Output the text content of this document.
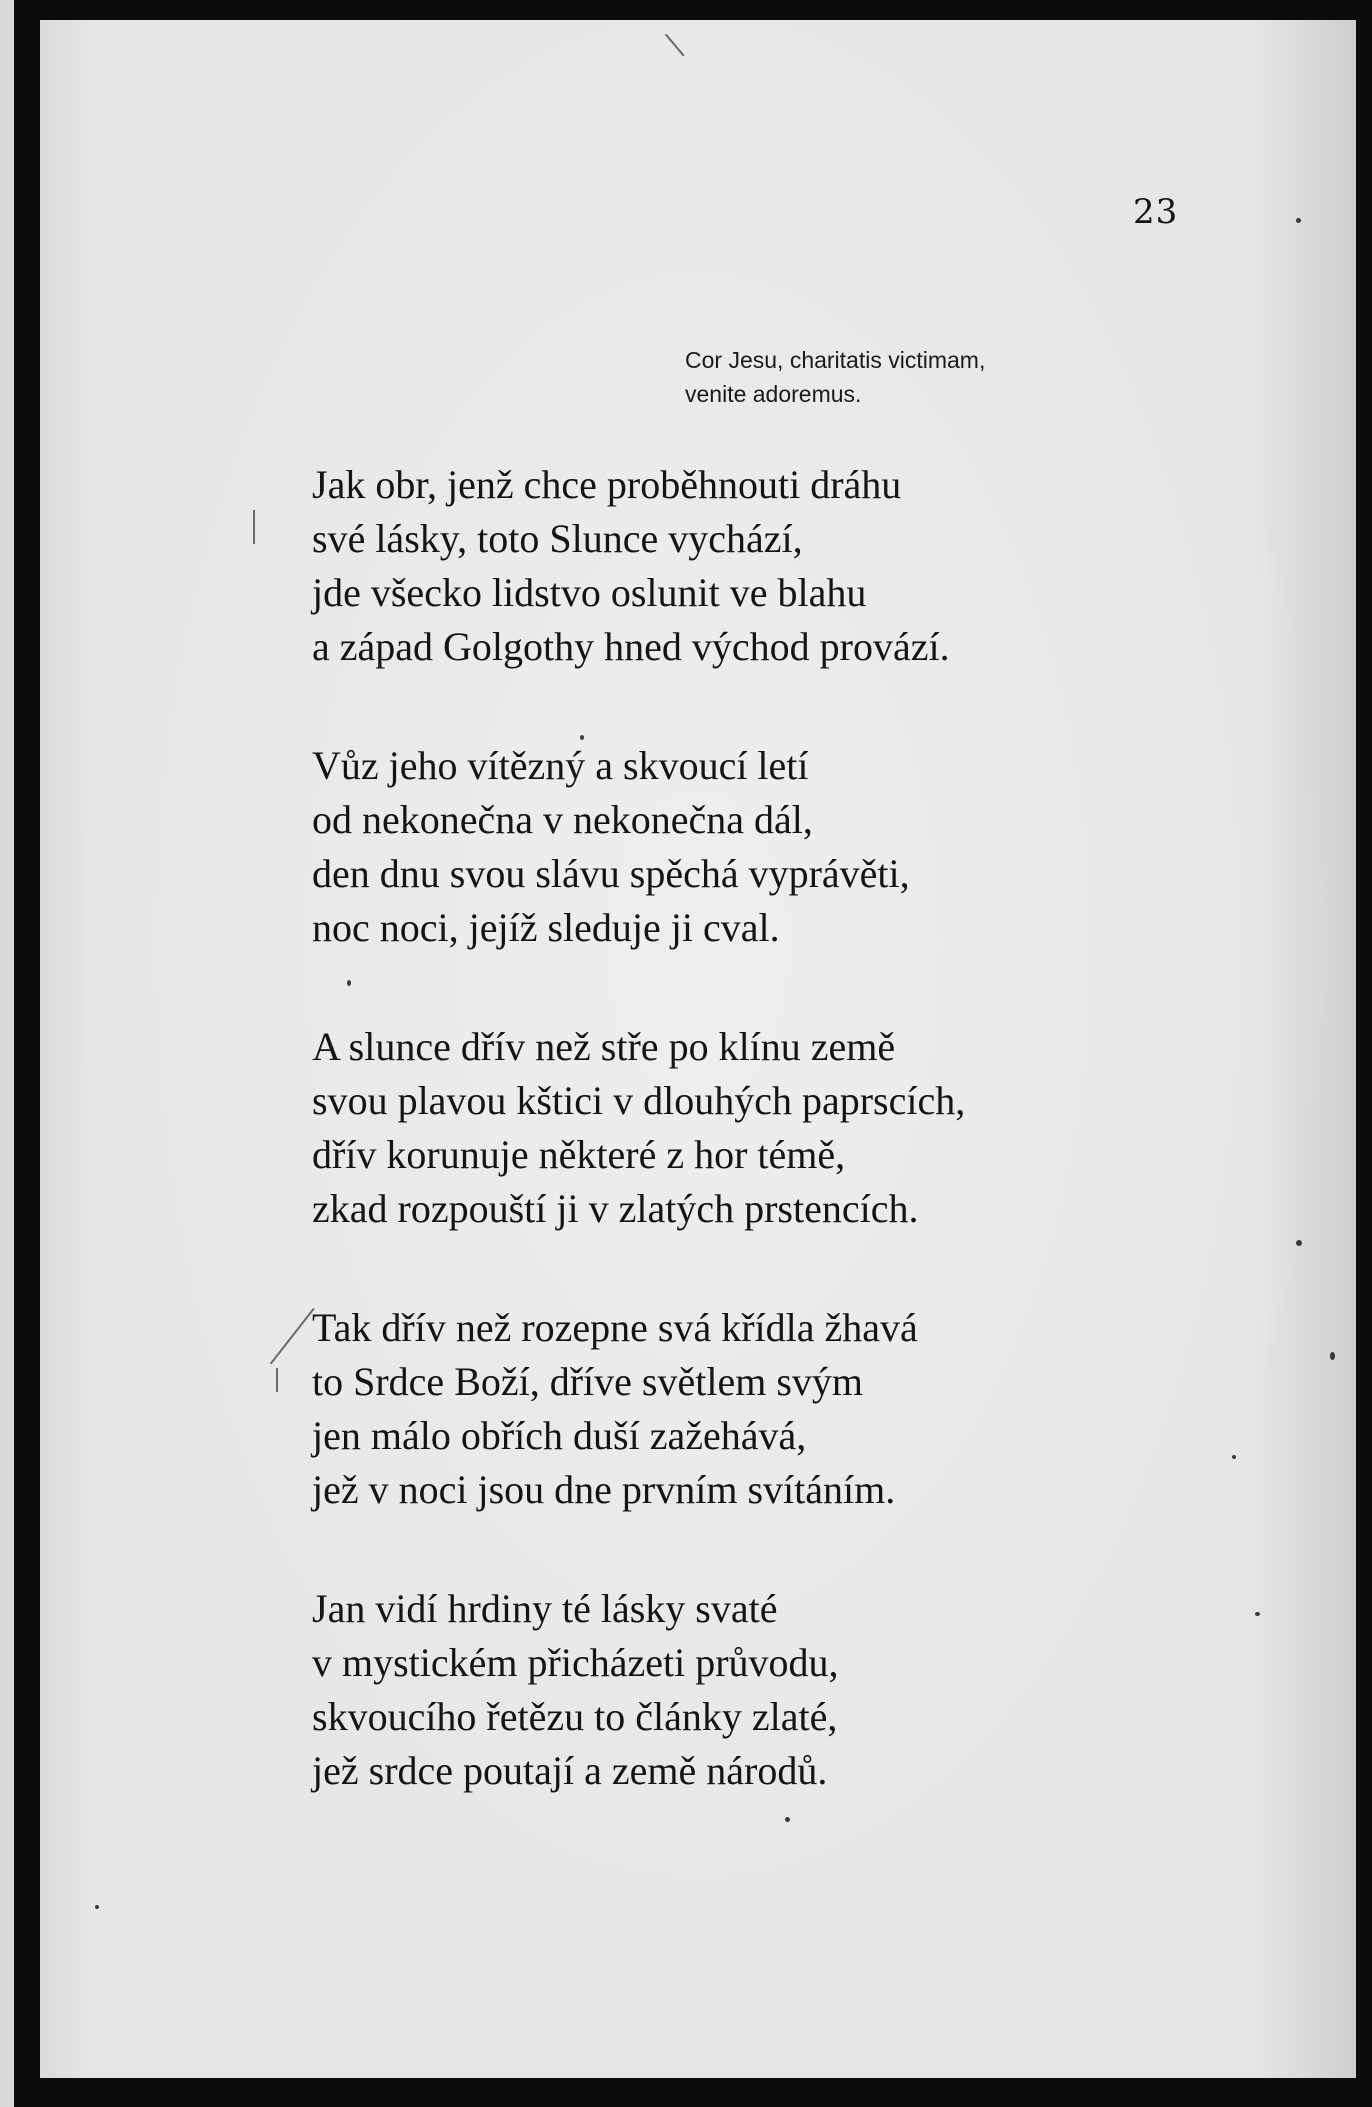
23
Cor Jesu, charitatis victimam,
venite adoremus.
Jak obr, jenž chce proběhnouti dráhu
své lásky, toto Slunce vychází,
jde všecko lidstvo oslunit ve blahu
a západ Golgothy hned východ provází.
Vůz jeho vítězný a skvoucí letí
od nekonečna v nekonečna dál,
den dnu svou slávu spěchá vyprávěti,
noc noci, jejíž sleduje ji cval.
A slunce dřív než stře po klínu země
svou plavou kštici v dlouhých paprscích,
dřív korunuje některé z hor témě,
zkad rozpouští ji v zlatých prstencích.
Tak dřív než rozepne svá křídla žhavá
to Srdce Boží, dříve světlem svým
jen málo obřích duší zažehává,
jež v noci jsou dne prvním svítáním.
Jan vidí hrdiny té lásky svaté
v mystickém přicházeti průvodu,
skvoucího řetězu to články zlaté,
jež srdce poutají a země národů.
